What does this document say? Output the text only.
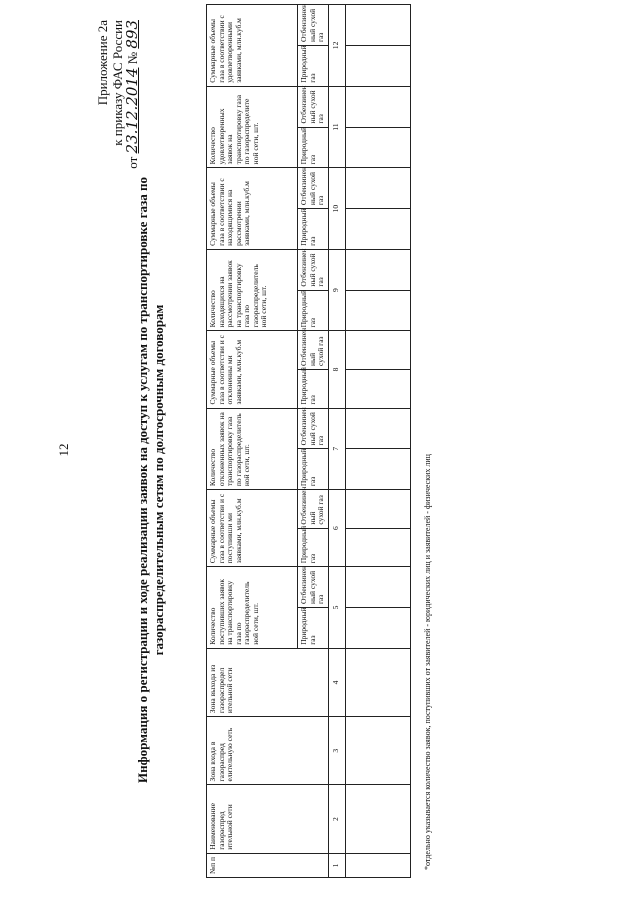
12
Приложение 2а к приказу ФАС России
от 23.12.2014 № 893
Информация о регистрации и ходе реализации заявок на доступ к услугам по транспортировке газа по газораспределительным сетям по долгосрочным договорам
№п п	Наименование газораспред ительной сети	Зона входа в газораспред елительную сеть	Зона выхода из газораспредел ительной сети	Количество поступивших заявок на транспортировку газа по газораспределитель ной сети, шт.		Суммарные объемы газа в соответстви и с поступивши ми заявками, млн.куб.м		Количество отклоненных заявок на транспортировку газа по газораспределитель ной сети, шт.		Суммарные объемы газа в соответстви и с отклоненны ми заявками, млн.куб.м		Количество находящихся на рассмотрении заявок на транспортировку газа по газораспределитель ной сети, шт.		Суммарные объемы газа в соответствии с находящимися на рассмотрении заявками, млн.куб.м		Количество удовлетворенных заявок на транспортировку газа по газораспределите ной сети, шт.		Суммарные объемы газа в соответствии с удовлетворенными заявками, млн.куб.м	
				Природный газ	Отбензинен ный сухой газ	Природный газ	Отбензинен ный сухой газ	Природный газ	Отбензинен ный сухой газ	Природный газ	Отбензинен ный сухой газ	Природный газ	Отбензинен ный сухой газ	Природный газ	Отбензинен ный сухой газ	Природный газ	Отбензинен ный сухой газ	Природный газ	Отбензинен ный сухой газ
1	2	3	4	5		6		7		8		9		10		11		12	

*отдельно указывается количество заявок, поступивших от заявителей - юридических лиц и заявителей - физических лиц
